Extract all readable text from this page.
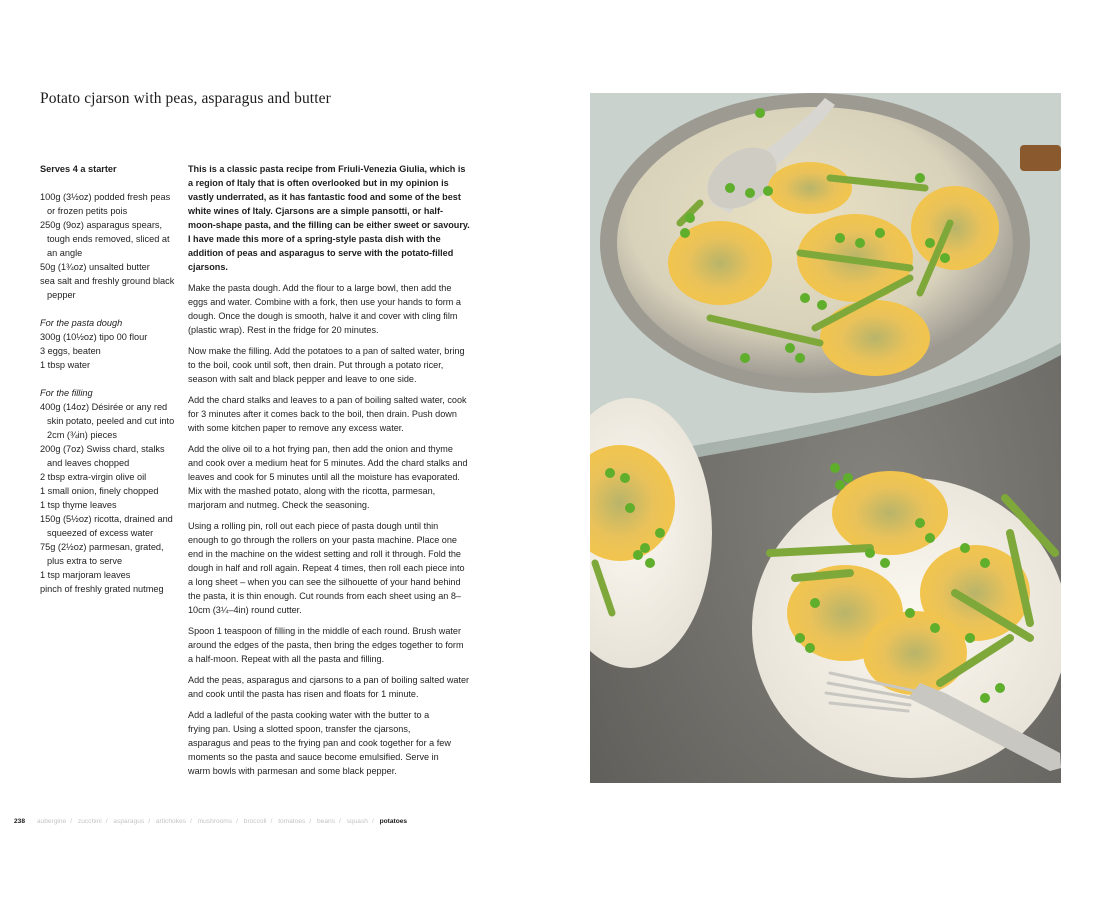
Potato cjarson with peas, asparagus and butter
Serves 4 a starter
100g (3½oz) podded fresh peas or frozen petits pois
250g (9oz) asparagus spears, tough ends removed, sliced at an angle
50g (1¾oz) unsalted butter
sea salt and freshly ground black pepper
For the pasta dough
300g (10½oz) tipo 00 flour
3 eggs, beaten
1 tbsp water
For the filling
400g (14oz) Désirée or any red skin potato, peeled and cut into 2cm (¾in) pieces
200g (7oz) Swiss chard, stalks and leaves chopped
2 tbsp extra-virgin olive oil
1 small onion, finely chopped
1 tsp thyme leaves
150g (5½oz) ricotta, drained and squeezed of excess water
75g (2½oz) parmesan, grated, plus extra to serve
1 tsp marjoram leaves
pinch of freshly grated nutmeg

This is a classic pasta recipe from Friuli-Venezia Giulia, which is a region of Italy that is often overlooked but in my opinion is vastly underrated, as it has fantastic food and some of the best white wines of Italy. Cjarsons are a simple pansotti, or half-moon-shape pasta, and the filling can be either sweet or savoury. I have made this more of a spring-style pasta dish with the addition of peas and asparagus to serve with the potato-filled cjarsons.

Make the pasta dough. Add the flour to a large bowl, then add the eggs and water. Combine with a fork, then use your hands to form a dough. Once the dough is smooth, halve it and cover with cling film (plastic wrap). Rest in the fridge for 20 minutes.

Now make the filling. Add the potatoes to a pan of salted water, bring to the boil, cook until soft, then drain. Put through a potato ricer, season with salt and black pepper and leave to one side.

Add the chard stalks and leaves to a pan of boiling salted water, cook for 3 minutes after it comes back to the boil, then drain. Push down with some kitchen paper to remove any excess water.

Add the olive oil to a hot frying pan, then add the onion and thyme and cook over a medium heat for 5 minutes. Add the chard stalks and leaves and cook for 5 minutes until all the moisture has evaporated. Mix with the mashed potato, along with the ricotta, parmesan, marjoram and nutmeg. Check the seasoning.

Using a rolling pin, roll out each piece of pasta dough until thin enough to go through the rollers on your pasta machine. Place one end in the machine on the widest setting and roll it through. Fold the dough in half and roll again. Repeat 4 times, then roll each piece into a long sheet – when you can see the silhouette of your hand behind the pasta, it is thin enough. Cut rounds from each sheet using an 8–10cm (3¼–4in) round cutter.

Spoon 1 teaspoon of filling in the middle of each round. Brush water around the edges of the pasta, then bring the edges together to form a half-moon. Repeat with all the pasta and filling.

Add the peas, asparagus and cjarsons to a pan of boiling salted water and cook until the pasta has risen and floats for 1 minute.

Add a ladleful of the pasta cooking water with the butter to a frying pan. Using a slotted spoon, transfer the cjarsons, asparagus and peas to the frying pan and cook together for a few moments so the pasta and sauce become emulsified. Serve in warm bowls with parmesan and some black pepper.

238 aubergine / zucchini / asparagus / artichokes / mushrooms / broccoli / tomatoes / beans / squash / potatoes
